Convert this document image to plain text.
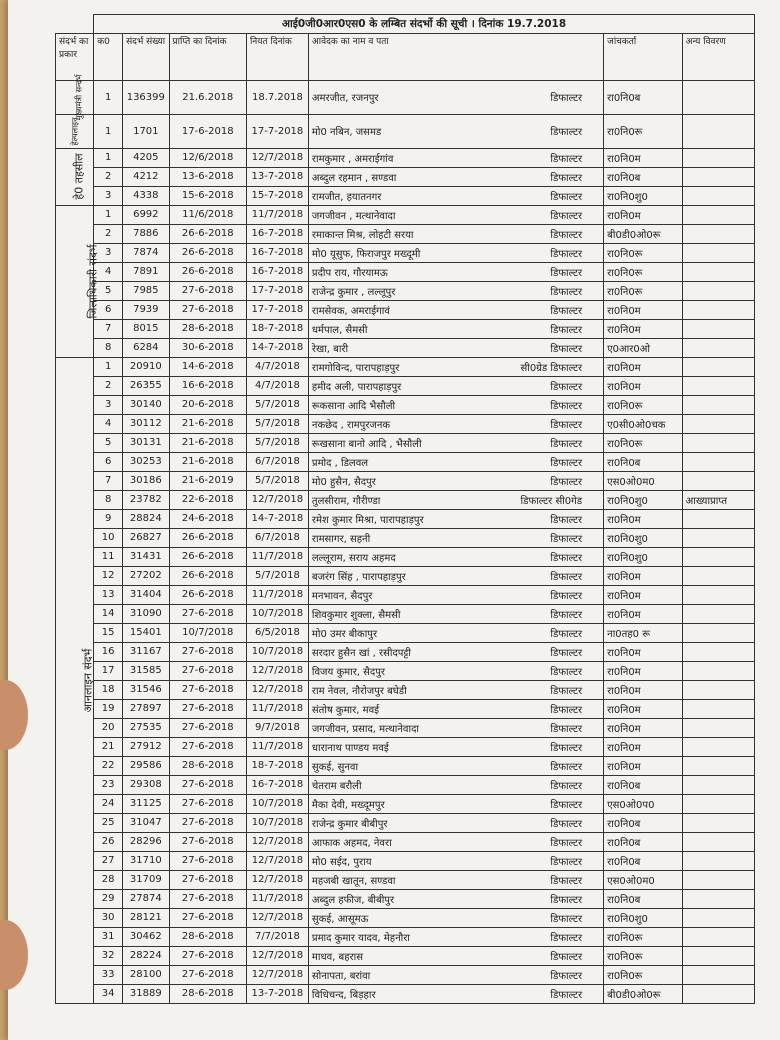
	आई0जी0आर0एस0 के लम्बित संदर्भो की सूची । दिनांक 19.7.2018						
संदर्भ का प्रकार	क0	संदर्भ संख्या	प्राप्ति का दिनांक	नियत दिनांक	आवेदक का नाम व पता	जांचकर्ता	अन्य विवरण
मुख्यमंत्री सन्दर्भ	1	136399	21.6.2018	18.7.2018	अमरजीत, रजनपुर डिफाल्टर	रा0नि0ब	
हेल्पलाइन	1	1701	17-6-2018	17-7-2018	मो0 नबिन, जसमड डिफाल्टर	रा0नि0रू	
हे0 तहसील	1	4205	12/6/2018	12/7/2018	रामकुमार , अमराईगांव डिफाल्टर	रा0नि0म	
	2	4212	13-6-2018	13-7-2018	अब्दुल रहमान , सण्डवा डिफाल्टर	रा0नि0ब	
	3	4338	15-6-2018	15-7-2018	रामजीत, हयातनगर डिफाल्टर	रा0नि0शु0	
जिलाधिकारी संदर्भ	1	6992	11/6/2018	11/7/2018	जगजीवन , मत्थानेवादा डिफाल्टर	रा0नि0म	
	2	7886	26-6-2018	16-7-2018	रमाकान्त मिश्र, लोहटी सरया डिफाल्टर	बी0डी0ओ0रू	
	3	7874	26-6-2018	16-7-2018	मो0 यूसुफ, फिराजपुर मख्दूमी डिफाल्टर	रा0नि0रू	
	4	7891	26-6-2018	16-7-2018	प्रदीप राय, गौरयामऊ डिफाल्टर	रा0नि0रू	
	5	7985	27-6-2018	17-7-2018	राजेन्द्र कुमार , लल्लूपुर डिफाल्टर	रा0नि0रू	
	6	7939	27-6-2018	17-7-2018	रामसेवक, अमराईगावं डिफाल्टर	रा0नि0म	
	7	8015	28-6-2018	18-7-2018	धर्मपाल, सैमसी डिफाल्टर	रा0नि0म	
	8	6284	30-6-2018	14-7-2018	रेखा, बारी डिफाल्टर	ए0आर0ओ	
आनलाइन संदर्भ	1	20910	14-6-2018	4/7/2018	रामगोविन्द, पारापहाड़पुर सी0ग्रेड डिफाल्टर	रा0नि0म	
	2	26355	16-6-2018	4/7/2018	हमीद अली, पारापहाड़पुर डिफाल्टर	रा0नि0म	
	3	30140	20-6-2018	5/7/2018	रूकसाना आदि भैसौली डिफाल्टर	रा0नि0रू	
	4	30112	21-6-2018	5/7/2018	नकछेद , रामपुरजनक डिफाल्टर	ए0सी0ओ0चक	
	5	30131	21-6-2018	5/7/2018	रूखसाना बानो आदि , भैसौली डिफाल्टर	रा0नि0रू	
	6	30253	21-6-2018	6/7/2018	प्रमोद , डिलवल डिफाल्टर	रा0नि0ब	
	7	30186	21-6-2019	5/7/2018	मो0 हुसैन, सैदपुर डिफाल्टर	एस0ओ0म0	
	8	23782	22-6-2018	12/7/2018	तुलसीराम, गौरीण्डा डिफाल्टर सी0गेड	रा0नि0शु0	आख्याप्राप्त
	9	28824	24-6-2018	14-7-2018	रमेश कुमार मिश्रा, पारापहाड़पुर डिफाल्टर	रा0नि0म	
	10	26827	26-6-2018	6/7/2018	रामसागर, सहनी डिफाल्टर	रा0नि0शु0	
	11	31431	26-6-2018	11/7/2018	लल्लूराम, सराय अहमद डिफाल्टर	रा0नि0शु0	
	12	27202	26-6-2018	5/7/2018	बजरंग सिंह , पारापहाड़पुर डिफाल्टर	रा0नि0म	
	13	31404	26-6-2018	11/7/2018	मनभावन, सैदपुर डिफाल्टर	रा0नि0म	
	14	31090	27-6-2018	10/7/2018	शिवकुमार शुक्ला, सैमसी डिफाल्टर	रा0नि0म	
	15	15401	10/7/2018	6/5/2018	मो0 उमर बीकापुर डिफाल्टर	ना0तह0 रू	
	16	31167	27-6-2018	10/7/2018	सरदार हुसैन खां , रसीदपट्टी डिफाल्टर	रा0नि0म	
	17	31585	27-6-2018	12/7/2018	विजय कुमार, सैदपुर डिफाल्टर	रा0नि0म	
	18	31546	27-6-2018	12/7/2018	राम नेवल, नौरोजपुर बघेडी डिफाल्टर	रा0नि0म	
	19	27897	27-6-2018	11/7/2018	संतोष कुमार, मवई डिफाल्टर	रा0नि0म	
	20	27535	27-6-2018	9/7/2018	जगजीवन, प्रसाद, मत्थानेवादा डिफाल्टर	रा0नि0म	
	21	27912	27-6-2018	11/7/2018	धारानाथ पाण्डय मवई डिफाल्टर	रा0नि0म	
	22	29586	28-6-2018	18-7-2018	सुकई, सुनवा डिफाल्टर	रा0नि0म	
	23	29308	27-6-2018	16-7-2018	चेतराम बरौली डिफाल्टर	रा0नि0ब	
	24	31125	27-6-2018	10/7/2018	मैका देवी, मख्दूमपुर डिफाल्टर	एस0ओ0प0	
	25	31047	27-6-2018	10/7/2018	राजेन्द्र कुमार बीबीपुर डिफाल्टर	रा0नि0ब	
	26	28296	27-6-2018	12/7/2018	आफाक अहमद, नेवरा डिफाल्टर	रा0नि0ब	
	27	31710	27-6-2018	12/7/2018	मो0 सईद, पुराय डिफाल्टर	रा0नि0ब	
	28	31709	27-6-2018	12/7/2018	महजबी खातून, सण्डवा डिफाल्टर	एस0ओ0म0	
	29	27874	27-6-2018	11/7/2018	अब्दुल हफीज, बीबीपुर डिफाल्टर	रा0नि0ब	
	30	28121	27-6-2018	12/7/2018	सुकई, आसूमऊ डिफाल्टर	रा0नि0शु0	
	31	30462	28-6-2018	7/7/2018	प्रमाद कुमार यादव, मेहनौरा डिफाल्टर	रा0नि0रू	
	32	28224	27-6-2018	12/7/2018	माधव, बहरास डिफाल्टर	रा0नि0रू	
	33	28100	27-6-2018	12/7/2018	सोनापता, बरांवा डिफाल्टर	रा0नि0रू	
	34	31889	28-6-2018	13-7-2018	विधिचन्द, बिड़हार डिफाल्टर	बी0डी0ओ0रू	
